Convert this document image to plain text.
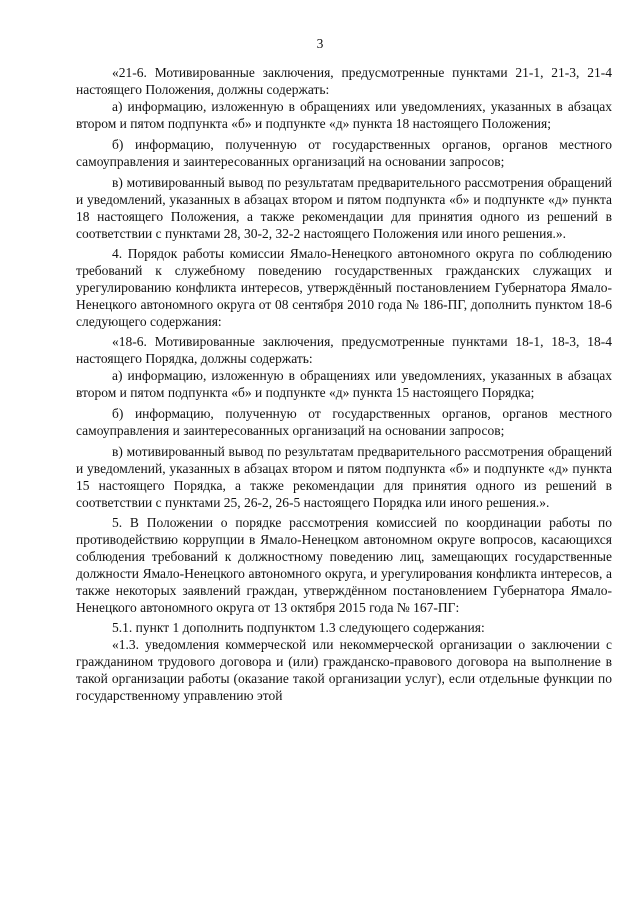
3

«21-6. Мотивированные заключения, предусмотренные пунктами 21-1, 21-3, 21-4 настоящего Положения, должны содержать:

а) информацию, изложенную в обращениях или уведомлениях, указанных в абзацах втором и пятом подпункта «б» и подпункте «д» пункта 18 настоящего Положения;

б) информацию, полученную от государственных органов, органов местного самоуправления и заинтересованных организаций на основании запросов;

в) мотивированный вывод по результатам предварительного рассмотрения обращений и уведомлений, указанных в абзацах втором и пятом подпункта «б» и подпункте «д» пункта 18 настоящего Положения, а также рекомендации для принятия одного из решений в соответствии с пунктами 28, 30-2, 32-2 настоящего Положения или иного решения.».

4. Порядок работы комиссии Ямало-Ненецкого автономного округа по соблюдению требований к служебному поведению государственных гражданских служащих и урегулированию конфликта интересов, утверждённый постановлением Губернатора Ямало-Ненецкого автономного округа от 08 сентября 2010 года № 186-ПГ, дополнить пунктом 18-6 следующего содержания:

«18-6. Мотивированные заключения, предусмотренные пунктами 18-1, 18-3, 18-4 настоящего Порядка, должны содержать:

а) информацию, изложенную в обращениях или уведомлениях, указанных в абзацах втором и пятом подпункта «б» и подпункте «д» пункта 15 настоящего Порядка;

б) информацию, полученную от государственных органов, органов местного самоуправления и заинтересованных организаций на основании запросов;

в) мотивированный вывод по результатам предварительного рассмотрения обращений и уведомлений, указанных в абзацах втором и пятом подпункта «б» и подпункте «д» пункта 15 настоящего Порядка, а также рекомендации для принятия одного из решений в соответствии с пунктами 25, 26-2, 26-5 настоящего Порядка или иного решения.».

5. В Положении о порядке рассмотрения комиссией по координации работы по противодействию коррупции в Ямало-Ненецком автономном округе вопросов, касающихся соблюдения требований к должностному поведению лиц, замещающих государственные должности Ямало-Ненецкого автономного округа, и урегулирования конфликта интересов, а также некоторых заявлений граждан, утверждённом постановлением Губернатора Ямало-Ненецкого автономного округа от 13 октября 2015 года № 167-ПГ:

5.1. пункт 1 дополнить подпунктом 1.3 следующего содержания:

«1.3. уведомления коммерческой или некоммерческой организации о заключении с гражданином трудового договора и (или) гражданско-правового договора на выполнение в такой организации работы (оказание такой организации услуг), если отдельные функции по государственному управлению этой
